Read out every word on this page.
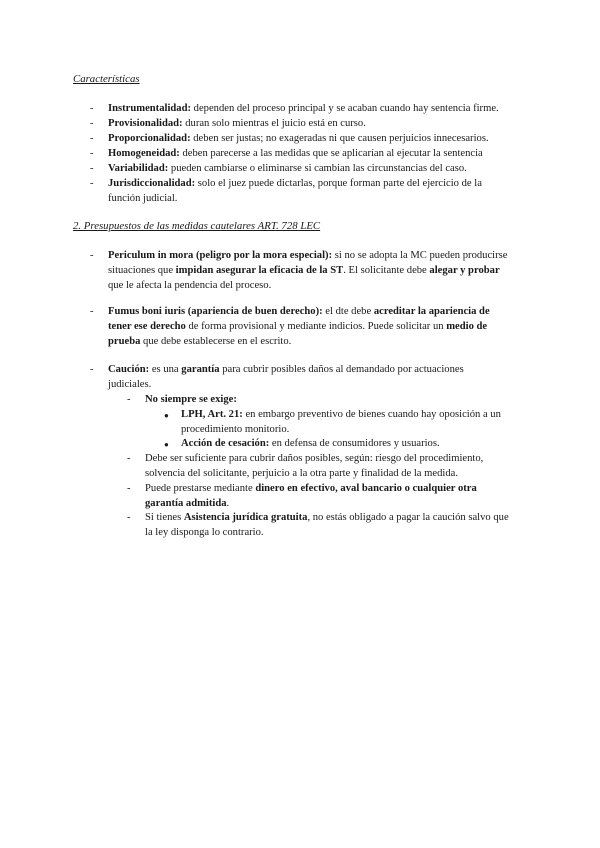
Características
-	Instrumentalidad: dependen del proceso principal y se acaban cuando hay sentencia firme.
-	Provisionalidad: duran solo mientras el juicio está en curso.
-	Proporcionalidad: deben ser justas; no exageradas ni que causen perjuicios innecesarios.
-	Homogeneidad: deben parecerse a las medidas que se aplicarían al ejecutar la sentencia
-	Variabilidad: pueden cambiarse o eliminarse si cambian las circunstancias del caso.
-	Jurisdiccionalidad: solo el juez puede dictarlas, porque forman parte del ejercicio de la
función judicial.
2. Presupuestos de las medidas cautelares ART. 728 LEC
-	Periculum in mora (peligro por la mora especial): si no se adopta la MC pueden producirse
situaciones que impidan asegurar la eficacia de la ST. El solicitante debe alegar y probar
que le afecta la pendencia del proceso.
-	Fumus boni iuris (apariencia de buen derecho): el dte debe acreditar la apariencia de
tener ese derecho de forma provisional y mediante indicios. Puede solicitar un medio de
prueba que debe establecerse en el escrito.
-	Caución: es una garantía para cubrir posibles daños al demandado por actuaciones
judiciales.
-	No siempre se exige:
● LPH, Art. 21: en embargo preventivo de bienes cuando hay oposición a un
procedimiento monitorio.
● Acción de cesación: en defensa de consumidores y usuarios.
-	Debe ser suficiente para cubrir daños posibles, según: riesgo del procedimiento,
solvencia del solicitante, perjuicio a la otra parte y finalidad de la medida.
-	Puede prestarse mediante dinero en efectivo, aval bancario o cualquier otra
garantía admitida.
-	Si tienes Asistencia jurídica gratuita, no estás obligado a pagar la caución salvo que
la ley disponga lo contrario.
